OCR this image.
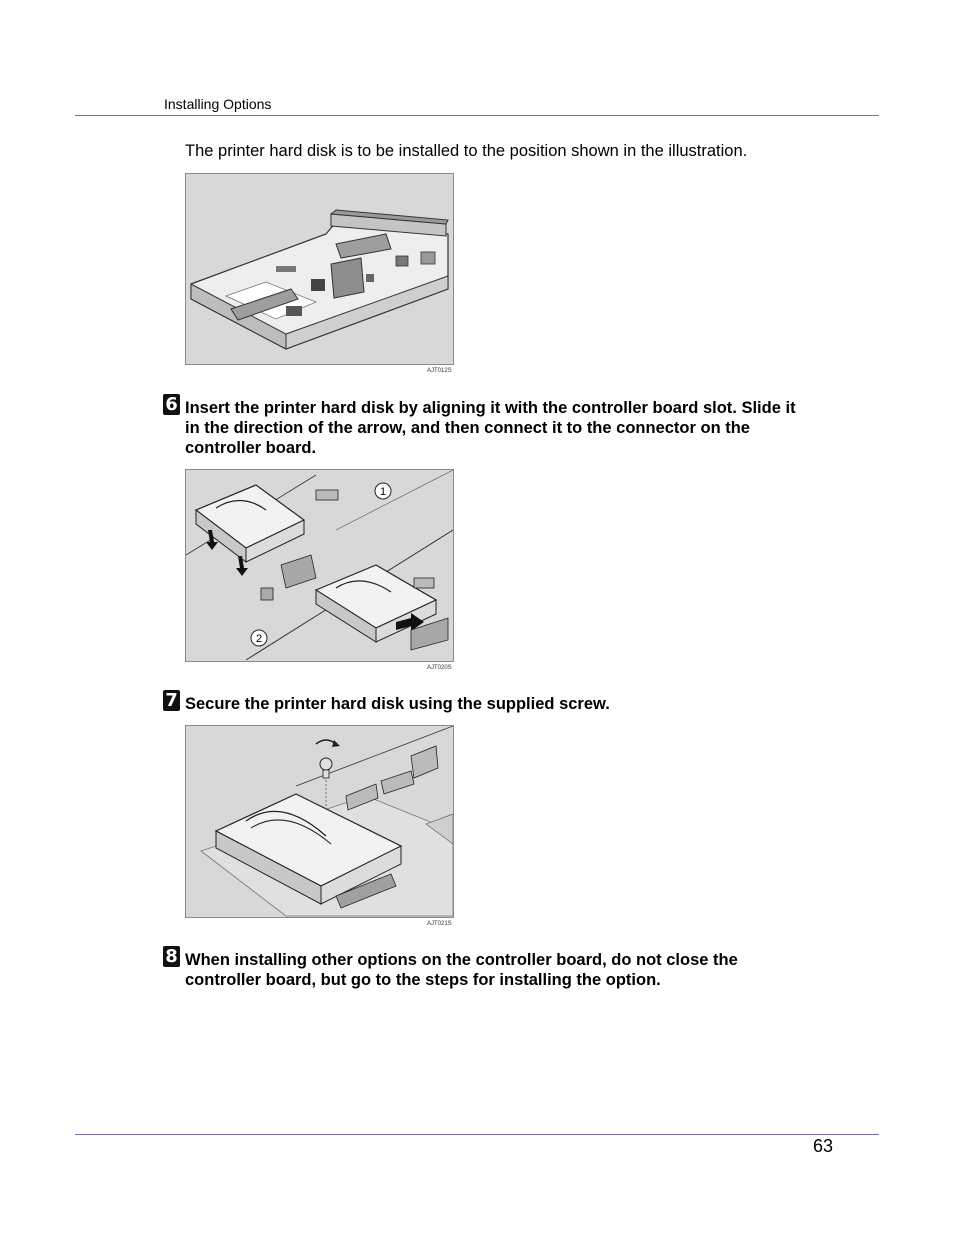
Installing Options
The printer hard disk is to be installed to the position shown in the illustration.
AJT012S
6 Insert the printer hard disk by aligning it with the controller board slot. Slide it in the direction of the arrow, and then connect it to the connector on the controller board.
1
2
AJT020S
7 Secure the printer hard disk using the supplied screw.
AJT021S
8 When installing other options on the controller board, do not close the controller board, but go to the steps for installing the option.
63
